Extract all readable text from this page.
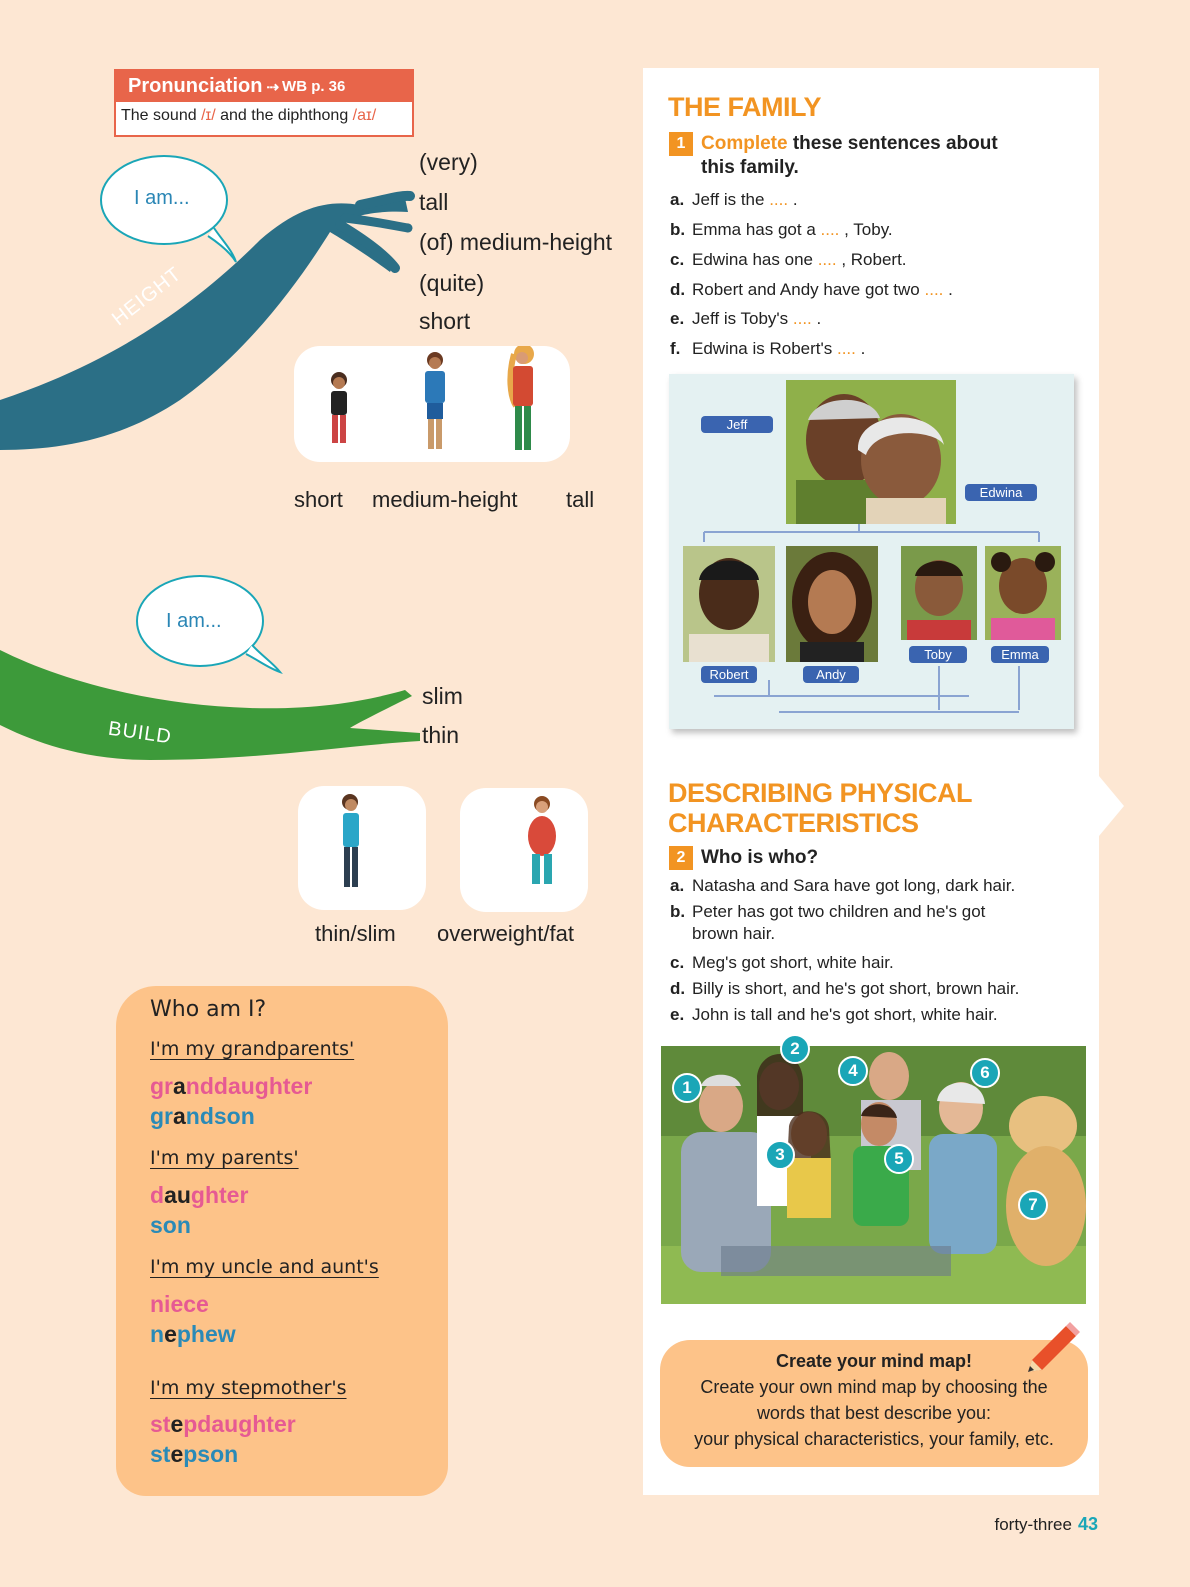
HEIGHT
BUILD
I am...
I am...
Pronunciation ⇢ WB p. 36
The sound /ɪ/ and the diphthong /aɪ/
(very)
tall
(of) medium-height
(quite)
short
short medium-height tall
slim
thin
thin/slim overweight/fat
Who am I?
I'm my grandparents'
granddaughter
grandson
I'm my parents'
daughter
son
I'm my uncle and aunt's
niece
nephew
I'm my stepmother's
stepdaughter
stepson
THE FAMILY
1 Complete these sentences about
this family.
a. Jeff is the .... .
b. Emma has got a .... , Toby.
c. Edwina has one .... , Robert.
d. Robert and Andy have got two .... .
e. Jeff is Toby's .... .
f. Edwina is Robert's .... .
Jeff
Edwina
Robert	Andy
Toby	Emma
DESCRIBING PHYSICAL
CHARACTERISTICS
2 Who is who?
a. Natasha and Sara have got long, dark hair.
b. Peter has got two children and he's got
brown hair.
c. Meg's got short, white hair.
d. Billy is short, and he's got short, brown hair.
e. John is tall and he's got short, white hair.
1
2
3
4
5
6
7
Create your mind map!
Create your own mind map by choosing the
words that best describe you:
your physical characteristics, your family, etc.
forty-three 43
